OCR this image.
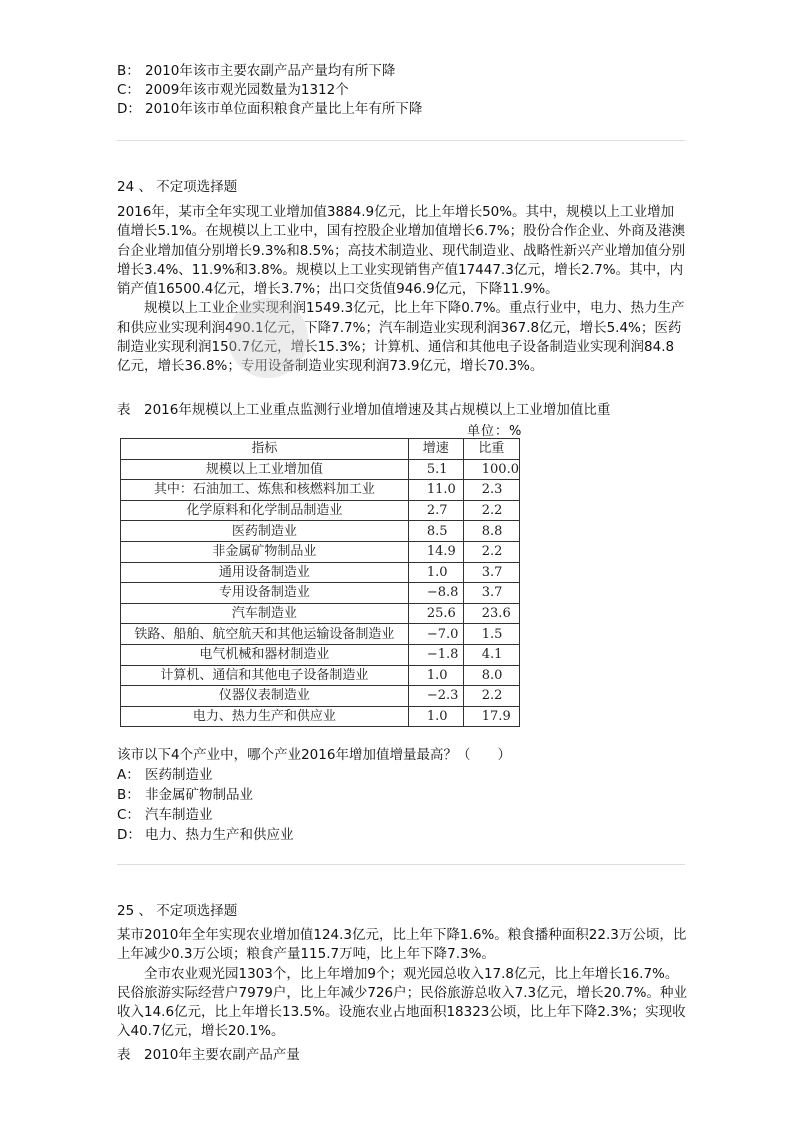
B： 2010年该市主要农副产品产量均有所下降
C： 2009年该市观光园数量为1312个
D： 2010年该市单位面积粮食产量比上年有所下降
24 、 不定项选择题

2016年，某市全年实现工业增加值3884.9亿元，比上年增长50%。其中，规模以上工业增加值增长5.1%。在规模以上工业中，国有控股企业增加值增长6.7%；股份合作企业、外商及港澳台企业增加值分别增长9.3%和8.5%；高技术制造业、现代制造业、战略性新兴产业增加值分别增长3.4%、11.9%和3.8%。规模以上工业实现销售产值17447.3亿元，增长2.7%。其中，内销产值16500.4亿元，增长3.7%；出口交货值946.9亿元，下降11.9%。

规模以上工业企业实现利润1549.3亿元，比上年下降0.7%。重点行业中，电力、热力生产和供应业实现利润490.1亿元，下降7.7%；汽车制造业实现利润367.8亿元，增长5.4%；医药制造业实现利润150.7亿元，增长15.3%；计算机、通信和其他电子设备制造业实现利润84.8亿元，增长36.8%；专用设备制造业实现利润73.9亿元，增长70.3%。

表　2016年规模以上工业重点监测行业增加值增速及其占规模以上工业增加值比重
单位：%
指标	增速	比重
规模以上工业增加值	5.1	100.0
其中：石油加工、炼焦和核燃料加工业	11.0	2.3
化学原料和化学制品制造业	2.7	2.2
医药制造业	8.5	8.8
非金属矿物制品业	14.9	2.2
通用设备制造业	1.0	3.7
专用设备制造业	−8.8	3.7
汽车制造业	25.6	23.6
铁路、船舶、航空航天和其他运输设备制造业	−7.0	1.5
电气机械和器材制造业	−1.8	4.1
计算机、通信和其他电子设备制造业	1.0	8.0
仪器仪表制造业	−2.3	2.2
电力、热力生产和供应业	1.0	17.9
该市以下4个产业中，哪个产业2016年增加值增量最高？（　　）
A： 医药制造业
B： 非金属矿物制品业
C： 汽车制造业
D： 电力、热力生产和供应业
25 、 不定项选择题

某市2010年全年实现农业增加值124.3亿元，比上年下降1.6%。粮食播种面积22.3万公顷，比上年减少0.3万公顷；粮食产量115.7万吨，比上年下降7.3%。

全市农业观光园1303个，比上年增加9个；观光园总收入17.8亿元，比上年增长16.7%。民俗旅游实际经营户7979户，比上年减少726户；民俗旅游总收入7.3亿元，增长20.7%。种业收入14.6亿元，比上年增长13.5%。设施农业占地面积18323公顷，比上年下降2.3%；实现收入40.7亿元，增长20.1%。

表　2010年主要农副产品产量
